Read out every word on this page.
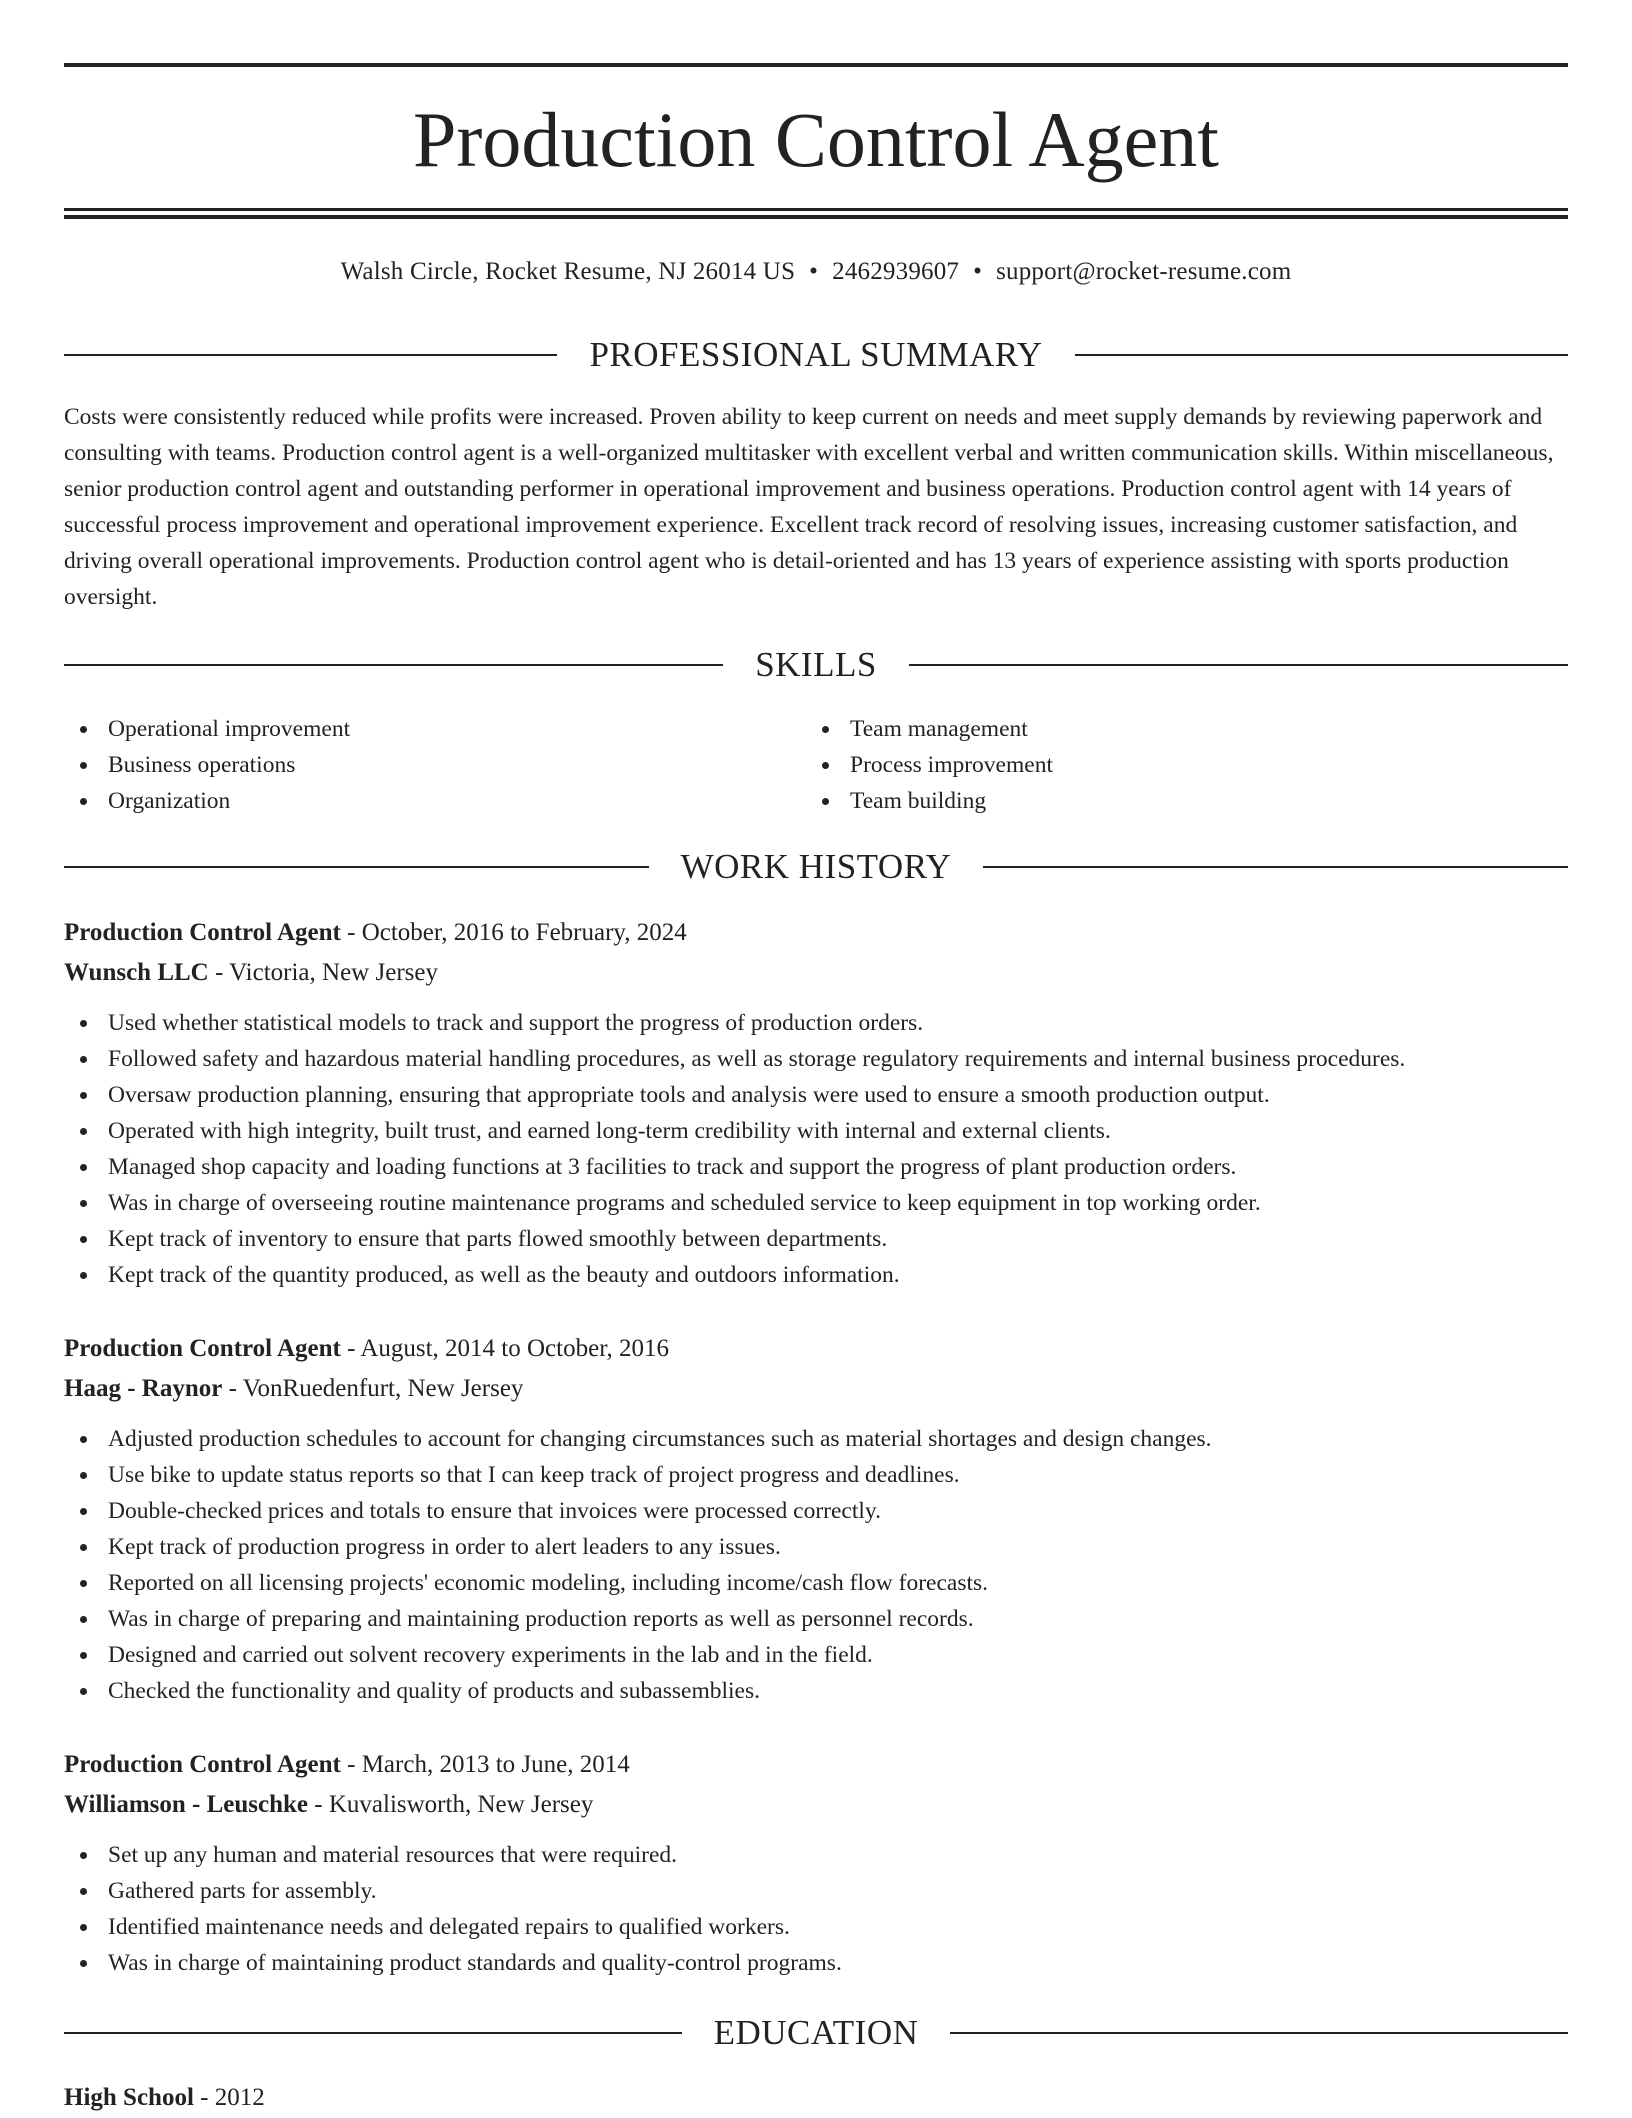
Production Control Agent
Walsh Circle, Rocket Resume, NJ 26014 US • 2462939607 • support@rocket-resume.com
PROFESSIONAL SUMMARY

Costs were consistently reduced while profits were increased. Proven ability to keep current on needs and meet supply demands by reviewing paperwork and consulting with teams. Production control agent is a well-organized multitasker with excellent verbal and written communication skills. Within miscellaneous, senior production control agent and outstanding performer in operational improvement and business operations. Production control agent with 14 years of successful process improvement and operational improvement experience. Excellent track record of resolving issues, increasing customer satisfaction, and driving overall operational improvements. Production control agent who is detail-oriented and has 13 years of experience assisting with sports production oversight.

SKILLS
Operational improvement
Business operations
Organization
Team management
Process improvement
Team building
WORK HISTORY
Production Control Agent - October, 2016 to February, 2024
Wunsch LLC - Victoria, New Jersey
Used whether statistical models to track and support the progress of production orders.
Followed safety and hazardous material handling procedures, as well as storage regulatory requirements and internal business procedures.
Oversaw production planning, ensuring that appropriate tools and analysis were used to ensure a smooth production output.
Operated with high integrity, built trust, and earned long-term credibility with internal and external clients.
Managed shop capacity and loading functions at 3 facilities to track and support the progress of plant production orders.
Was in charge of overseeing routine maintenance programs and scheduled service to keep equipment in top working order.
Kept track of inventory to ensure that parts flowed smoothly between departments.
Kept track of the quantity produced, as well as the beauty and outdoors information.
Production Control Agent - August, 2014 to October, 2016
Haag - Raynor - VonRuedenfurt, New Jersey
Adjusted production schedules to account for changing circumstances such as material shortages and design changes.
Use bike to update status reports so that I can keep track of project progress and deadlines.
Double-checked prices and totals to ensure that invoices were processed correctly.
Kept track of production progress in order to alert leaders to any issues.
Reported on all licensing projects' economic modeling, including income/cash flow forecasts.
Was in charge of preparing and maintaining production reports as well as personnel records.
Designed and carried out solvent recovery experiments in the lab and in the field.
Checked the functionality and quality of products and subassemblies.
Production Control Agent - March, 2013 to June, 2014
Williamson - Leuschke - Kuvalisworth, New Jersey
Set up any human and material resources that were required.
Gathered parts for assembly.
Identified maintenance needs and delegated repairs to qualified workers.
Was in charge of maintaining product standards and quality-control programs.
EDUCATION
High School - 2012
